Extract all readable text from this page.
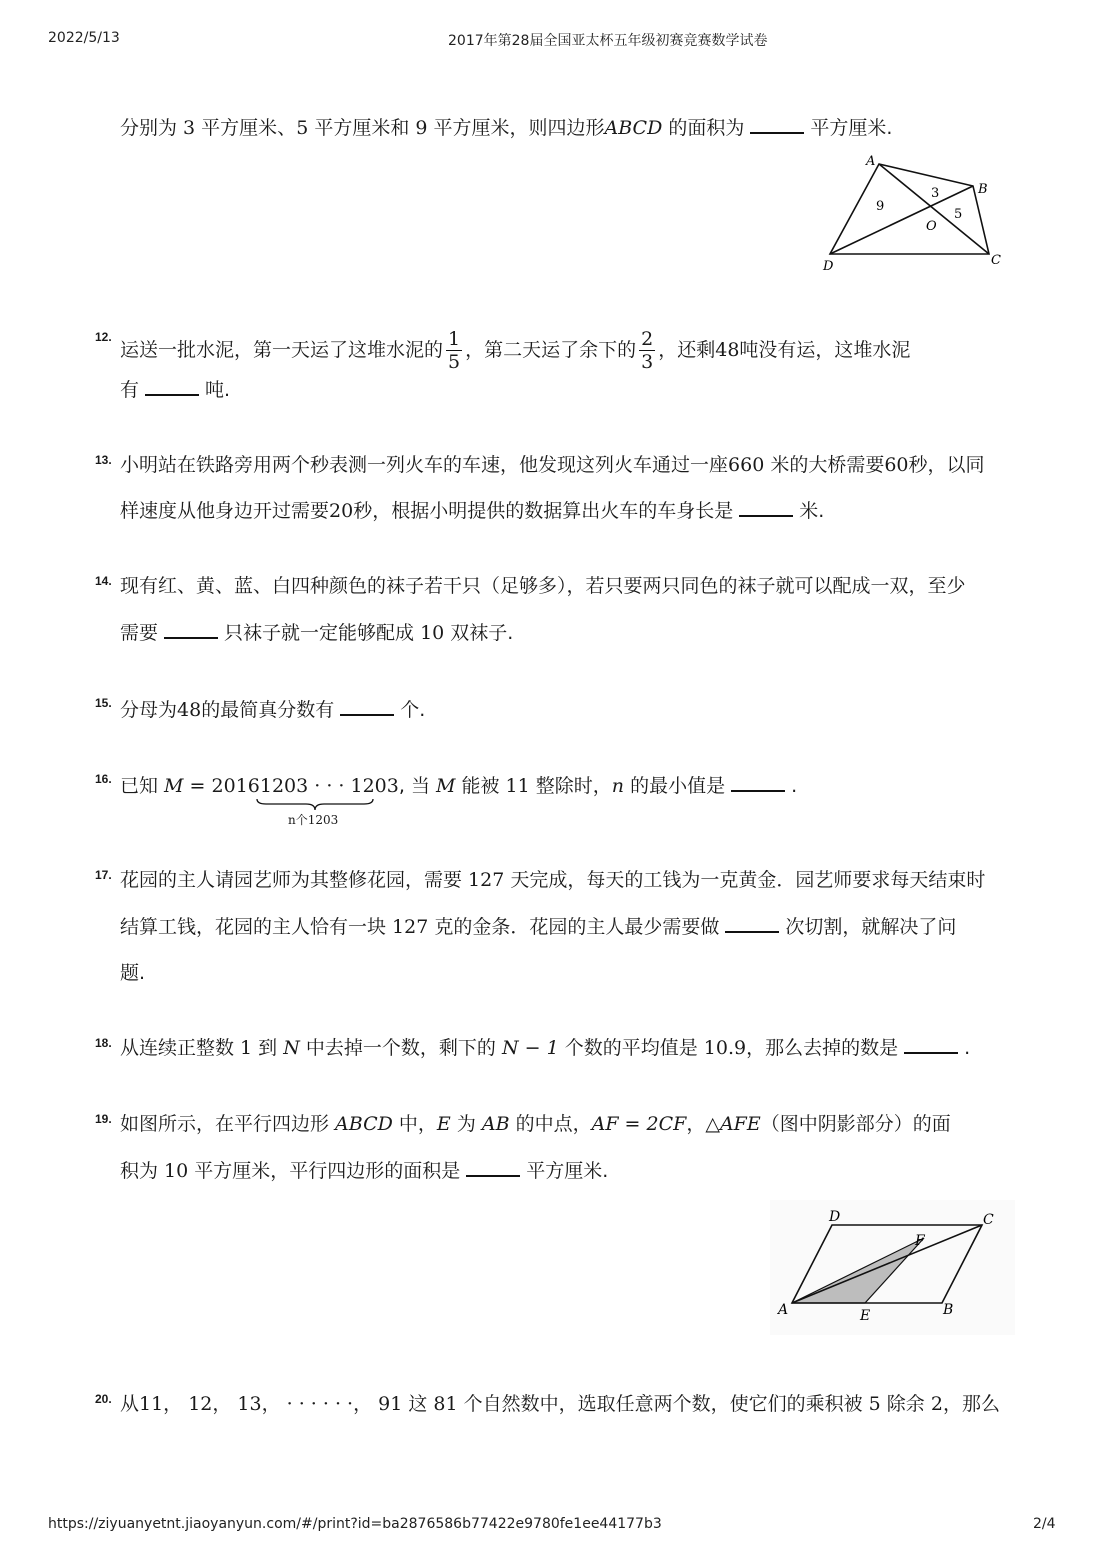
2022/5/13	2017年第28届全国亚太杯五年级初赛竞赛数学试卷
分别为 3 平方厘米、5 平方厘米和 9 平方厘米，则四边形ABCD 的面积为	平方厘米.
A
B
C
D
O
3
5
9
12.
运送一批水泥，第一天运了这堆水泥的 $\frac{1}{5}$ ，第二天运了余下的 $\frac{2}{3}$ ，还剩48吨没有运，这堆水泥
有	吨.
13. 小明站在铁路旁用两个秒表测一列火车的车速，他发现这列火车通过一座660 米的大桥需要60秒，以同
样速度从他身边开过需要20秒，根据小明提供的数据算出火车的车身长是	米.
14. 现有红、黄、蓝、白四种颜色的袜子若干只（足够多），若只要两只同色的袜子就可以配成一双，至少
需要	只袜子就一定能够配成 10 双袜子.
15. 分母为48的最简真分数有	个.
16. 已知 M = 20161203 · · · 1203, 当 M 能被 11 整除时，n 的最小值是	.
n个1203
17. 花园的主人请园艺师为其整修花园，需要 127 天完成，每天的工钱为一克黄金．园艺师要求每天结束时
结算工钱，花园的主人恰有一块 127 克的金条．花园的主人最少需要做	次切割，就解决了问
题.
18. 从连续正整数 1 到 N 中去掉一个数，剩下的 N − 1 个数的平均值是 10.9，那么去掉的数是	.
19. 如图所示，在平行四边形 ABCD 中，E 为 AB 的中点，AF = 2CF，△AFE（图中阴影部分）的面
积为 10 平方厘米，平行四边形的面积是	平方厘米.
A	B
C
D
E
F
20. 从11， 12， 13， · · · · · ·， 91 这 81 个自然数中，选取任意两个数，使它们的乘积被 5 除余 2，那么
https://ziyuanyetnt.jiaoyanyun.com/#/print?id=ba2876586b77422e9780fe1ee44177b3	2/4
